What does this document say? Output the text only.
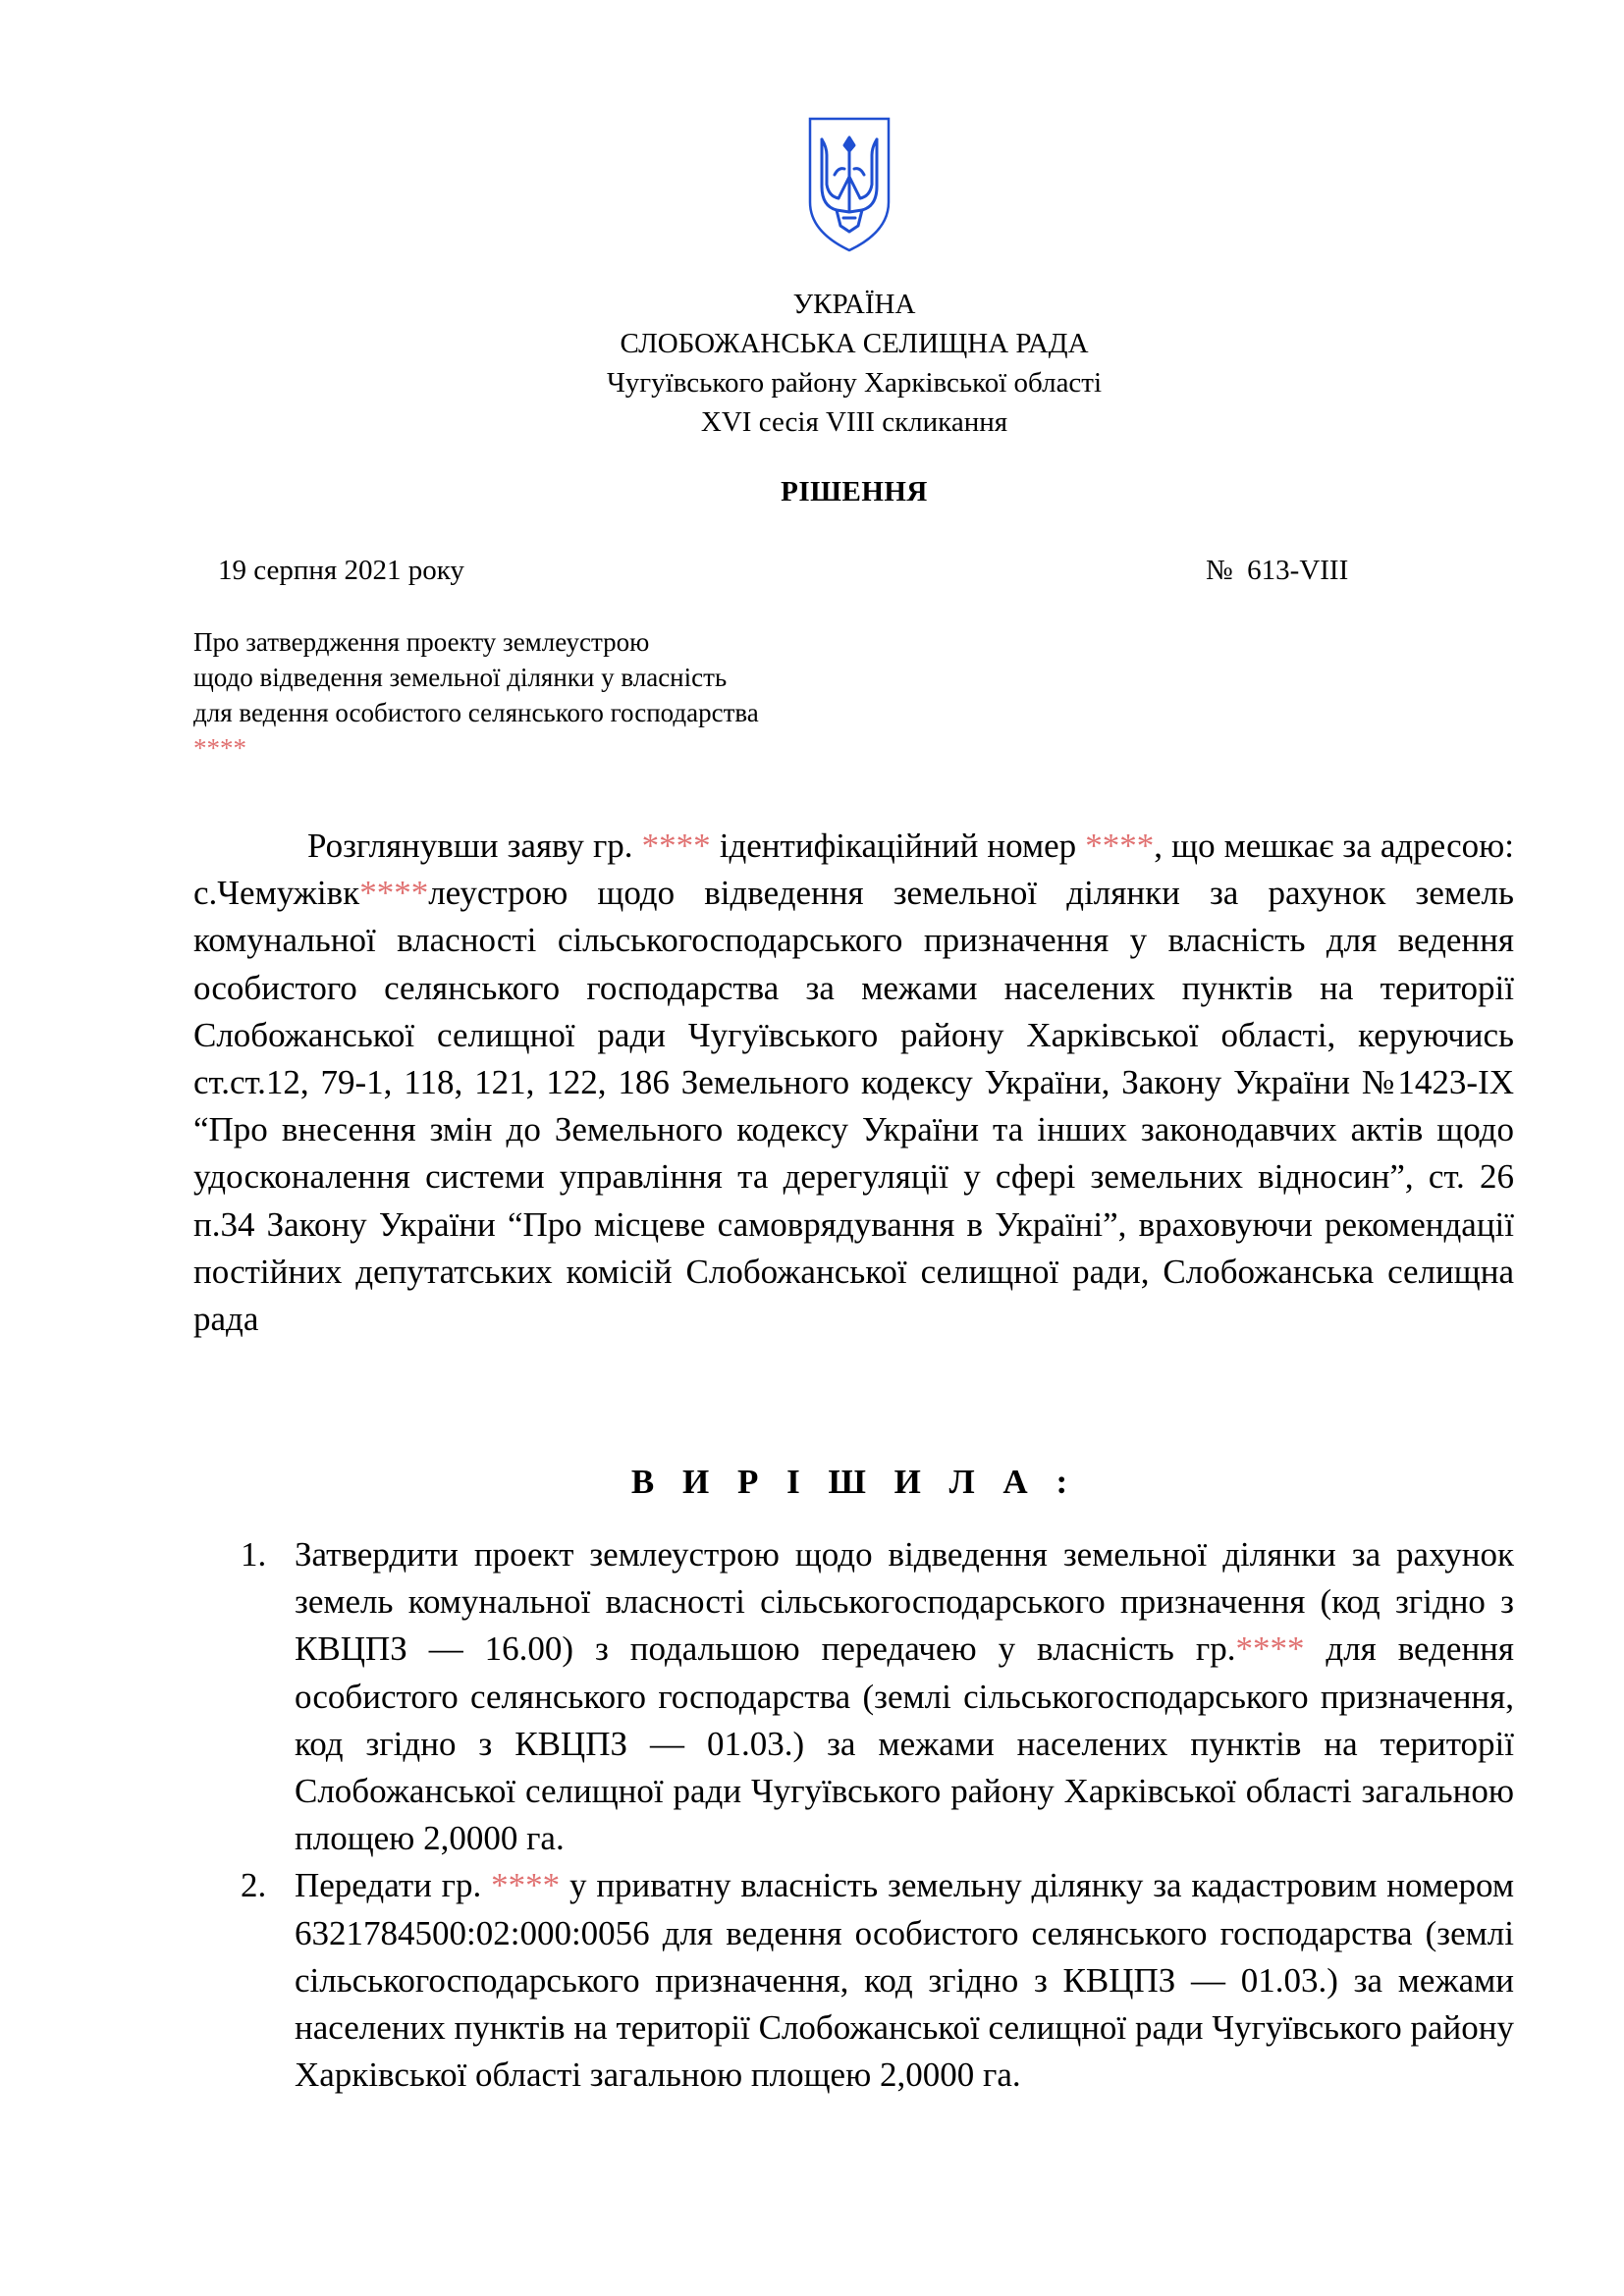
УКРАЇНА
СЛОБОЖАНСЬКА СЕЛИЩНА РАДА
Чугуївського району Харківської області
XVI сесія VIII скликання
РІШЕННЯ
19 серпня 2021 року	№  613-VIII
Про затвердження проекту землеустрою
щодо відведення земельної ділянки у власність
для ведення особистого селянського господарства
****
Розглянувши заяву гр. **** ідентифікаційний номер ****, що мешкає за адресою: с.Чемужівк****леустрою щодо відведення земельної ділянки за рахунок земель комунальної власності сільськогосподарського призначення у власність для ведення особистого селянського господарства за межами населених пунктів на території Слобожанської селищної ради Чугуївського району Харківської області, керуючись ст.ст.12, 79-1, 118, 121, 122, 186 Земельного кодексу України, Закону України №1423-IX “Про внесення змін до Земельного кодексу України та інших законодавчих актів щодо удосконалення системи управління та дерегуляції у сфері земельних відносин”, ст. 26 п.34 Закону України “Про місцеве самоврядування в Україні”, враховуючи рекомендації постійних депутатських комісій Слобожанської селищної ради, Слобожанська селищна рада
В И Р І Ш И Л А :
1. Затвердити проект землеустрою щодо відведення земельної ділянки за рахунок земель комунальної власності сільськогосподарського призначення (код згідно з КВЦПЗ — 16.00) з подальшою передачею у власність гр.**** для ведення особистого селянського господарства (землі сільськогосподарського призначення, код згідно з КВЦПЗ — 01.03.) за межами населених пунктів на території Слобожанської селищної ради Чугуївського району Харківської області загальною площею 2,0000 га.
2. Передати гр. **** у приватну власність земельну ділянку за кадастровим номером 6321784500:02:000:0056 для ведення особистого селянського господарства (землі сільськогосподарського призначення, код згідно з КВЦПЗ — 01.03.) за межами населених пунктів на території Слобожанської селищної ради Чугуївського району Харківської області загальною площею 2,0000 га.
